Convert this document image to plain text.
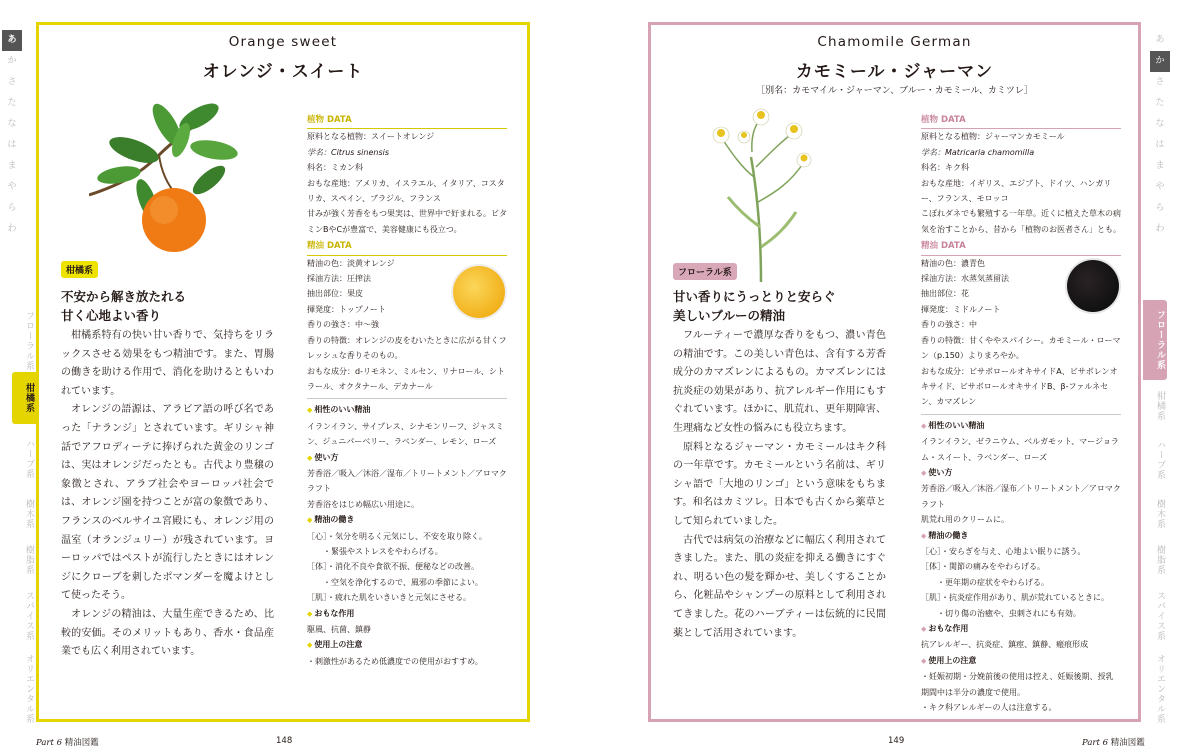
あ
か
さ
た
な
は
ま
や
ら
わ
フローラル系
柑橘系
ハーブ系
樹木系
樹脂系
スパイス系
オリエンタル系
Orange sweet
オレンジ・スイート
柑橘系
不安から解き放たれる
甘く心地よい香り

柑橘系特有の快い甘い香りで、気持ちをリラックスさせる効果をもつ精油です。また、胃腸の働きを助ける作用で、消化を助けるともいわれています。

オレンジの語源は、アラビア語の呼び名であった「ナランジ」とされています。ギリシャ神話でアフロディーテに捧げられた黄金のリンゴは、実はオレンジだったとも。古代より豊穣の象徴とされ、アラブ社会やヨーロッパ社会では、オレンジ園を持つことが富の象徴であり、フランスのベルサイユ宮殿にも、オレンジ用の温室（オランジュリー）が残されています。ヨーロッパではペストが流行したときにはオレンジにクローブを刺したポマンダーを魔よけとして使ったそう。

オレンジの精油は、大量生産できるため、比較的安価。そのメリットもあり、香水・食品産業でも広く利用されています。

植物 DATA

原料となる植物：スイートオレンジ

学名：Citrus sinensis

科名：ミカン科

おもな産地：アメリカ、イスラエル、イタリア、コスタリカ、スペイン、ブラジル、フランス

甘みが強く芳香をもつ果実は、世界中で好まれる。ビタミンBやCが豊富で、美容健康にも役立つ。

精油 DATA

精油の色：淡黄オレンジ

採油方法：圧搾法

抽出部位：果皮

揮発度：トップノート

香りの強さ：中～強

香りの特徴：オレンジの皮をむいたときに広がる甘くフレッシュな香りそのもの。

おもな成分：d-リモネン、ミルセン、リナロール、シトラール、オクタナール、デカナール

◆ 相性のいい精油

イランイラン、サイプレス、シナモンリーフ、ジャスミン、ジュニパーベリー、ラベンダー、レモン、ローズ

◆ 使い方

芳香浴／吸入／沐浴／湿布／トリートメント／アロマクラフト

芳香浴をはじめ幅広い用途に。

◆ 精油の働き

［心］・気分を明るく元気にし、不安を取り除く。

　　・緊張やストレスをやわらげる。

［体］・消化不良や食欲不振、便秘などの改善。

　　・空気を浄化するので、風邪の季節によい。

［肌］・疲れた肌をいきいきと元気にさせる。

◆ おもな作用

駆風、抗菌、鎮静

◆ 使用上の注意

・刺激性があるため低濃度での使用がおすすめ。

Chamomile German
カモミール・ジャーマン
［別名：カモマイル・ジャーマン、ブルー・カモミール、カミツレ］
フローラル系
甘い香りにうっとりと安らぐ
美しいブルーの精油

フルーティーで濃厚な香りをもつ、濃い青色の精油です。この美しい青色は、含有する芳香成分のカマズレンによるもの。カマズレンには抗炎症の効果があり、抗アレルギー作用にもすぐれています。ほかに、肌荒れ、更年期障害、生理痛など女性の悩みにも役立ちます。

原料となるジャーマン・カモミールはキク科の一年草です。カモミールという名前は、ギリシャ語で「大地のリンゴ」という意味をもちます。和名はカミツレ。日本でも古くから薬草として知られていました。

古代では病気の治療などに幅広く利用されてきました。また、肌の炎症を抑える働きにすぐれ、明るい色の髪を輝かせ、美しくすることから、化粧品やシャンプーの原料として利用されてきました。花のハーブティーは伝統的に民間薬として活用されています。

植物 DATA

原料となる植物：ジャーマンカモミール

学名：Matricaria chamomilla

科名：キク科

おもな産地：イギリス、エジプト、ドイツ、ハンガリー、フランス、モロッコ

こぼれダネでも繁殖する一年草。近くに植えた草木の病気を治すことから、昔から「植物のお医者さん」とも。

精油 DATA

精油の色：濃青色

採油方法：水蒸気蒸留法

抽出部位：花

揮発度：ミドルノート

香りの強さ：中

香りの特徴：甘くややスパイシー。カモミール・ローマン（p.150）よりまろやか。

おもな成分：ビサボロールオキサイドA、ビサボレンオキサイド、ビサボロールオキサイドB、β-ファルネセン、カマズレン

◆ 相性のいい精油

イランイラン、ゼラニウム、ベルガモット、マージョラム・スイート、ラベンダー、ローズ

◆ 使い方

芳香浴／吸入／沐浴／湿布／トリートメント／アロマクラフト

肌荒れ用のクリームに。

◆ 精油の働き

［心］・安らぎを与え、心地よい眠りに誘う。

［体］・関節の痛みをやわらげる。

　　・更年期の症状をやわらげる。

［肌］・抗炎症作用があり、肌が荒れているときに。

　　・切り傷の治癒や、虫刺されにも有効。

◆ おもな作用

抗アレルギー、抗炎症、鎮痙、鎮静、瘢痕形成

◆ 使用上の注意

・妊娠初期・分娩前後の使用は控え、妊娠後期、授乳期間中は半分の濃度で使用。

・キク科アレルギーの人は注意する。

あ
か
さ
た
な
は
ま
や
ら
わ
フローラル系
柑橘系
ハーブ系
樹木系
樹脂系
スパイス系
オリエンタル系
Part 6 精油図鑑	148	149	Part 6 精油図鑑
